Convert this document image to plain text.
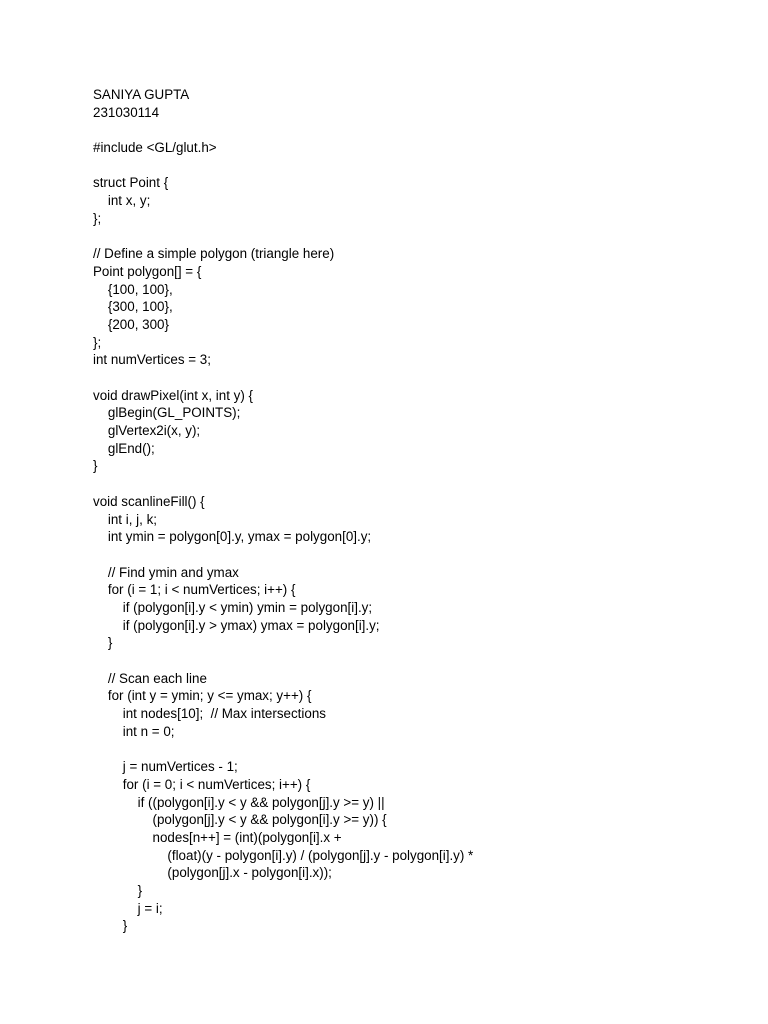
SANIYA GUPTA
231030114
#include <GL/glut.h>
struct Point {
int x, y;
};
// Define a simple polygon (triangle here)
Point polygon[] = {
{100, 100},
{300, 100},
{200, 300}
};
int numVertices = 3;
void drawPixel(int x, int y) {
glBegin(GL_POINTS);
glVertex2i(x, y);
glEnd();
}
void scanlineFill() {
int i, j, k;
int ymin = polygon[0].y, ymax = polygon[0].y;
// Find ymin and ymax
for (i = 1; i < numVertices; i++) {
if (polygon[i].y < ymin) ymin = polygon[i].y;
if (polygon[i].y > ymax) ymax = polygon[i].y;
}
// Scan each line
for (int y = ymin; y <= ymax; y++) {
int nodes[10];  // Max intersections
int n = 0;
j = numVertices - 1;
for (i = 0; i < numVertices; i++) {
if ((polygon[i].y < y && polygon[j].y >= y) ||
(polygon[j].y < y && polygon[i].y >= y)) {
nodes[n++] = (int)(polygon[i].x +
(float)(y - polygon[i].y) / (polygon[j].y - polygon[i].y) *
(polygon[j].x - polygon[i].x));
}
j = i;
}
